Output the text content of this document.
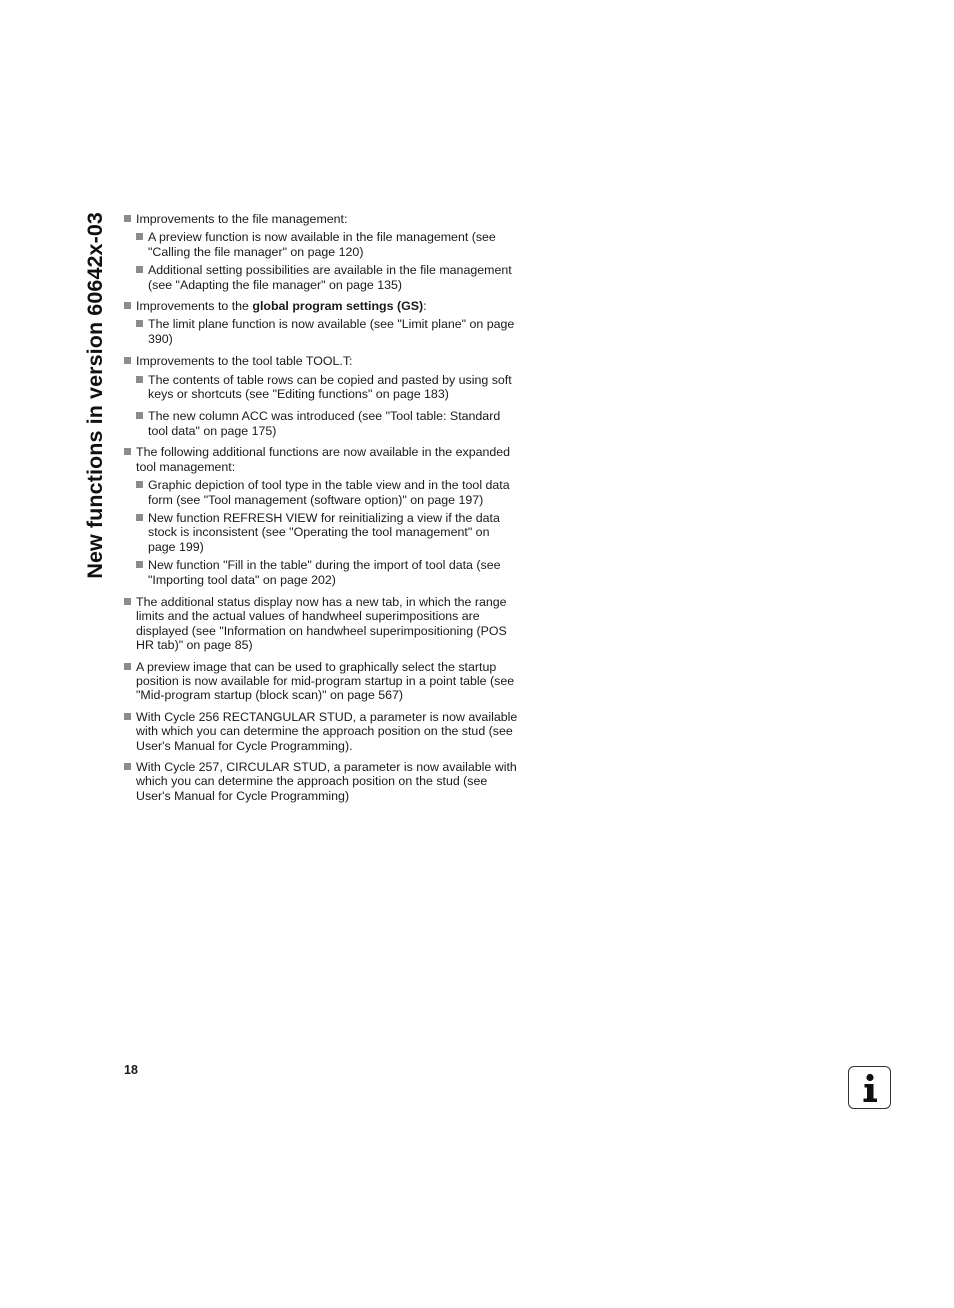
New functions in version 60642x-03	Improvements to the file management:
A preview function is now available in the file management (see "Calling the file manager" on page 120)
Additional setting possibilities are available in the file management (see "Adapting the file manager" on page 135)
Improvements to the global program settings (GS):
The limit plane function is now available (see "Limit plane" on page 390)
Improvements to the tool table TOOL.T:
The contents of table rows can be copied and pasted by using soft keys or shortcuts (see "Editing functions" on page 183)
The new column ACC was introduced (see "Tool table: Standard tool data" on page 175)
The following additional functions are now available in the expanded tool management:
Graphic depiction of tool type in the table view and in the tool data form (see "Tool management (software option)" on page 197)
New function REFRESH VIEW for reinitializing a view if the data stock is inconsistent (see "Operating the tool management" on page 199)
New function "Fill in the table" during the import of tool data (see "Importing tool data" on page 202)
The additional status display now has a new tab, in which the range limits and the actual values of handwheel superimpositions are displayed (see "Information on handwheel superimpositioning (POS HR tab)" on page 85)
A preview image that can be used to graphically select the startup position is now available for mid-program startup in a point table (see "Mid-program startup (block scan)" on page 567)
With Cycle 256 RECTANGULAR STUD, a parameter is now available with which you can determine the approach position on the stud (see User's Manual for Cycle Programming).
With Cycle 257, CIRCULAR STUD, a parameter is now available with which you can determine the approach position on the stud (see User's Manual for Cycle Programming)
18
